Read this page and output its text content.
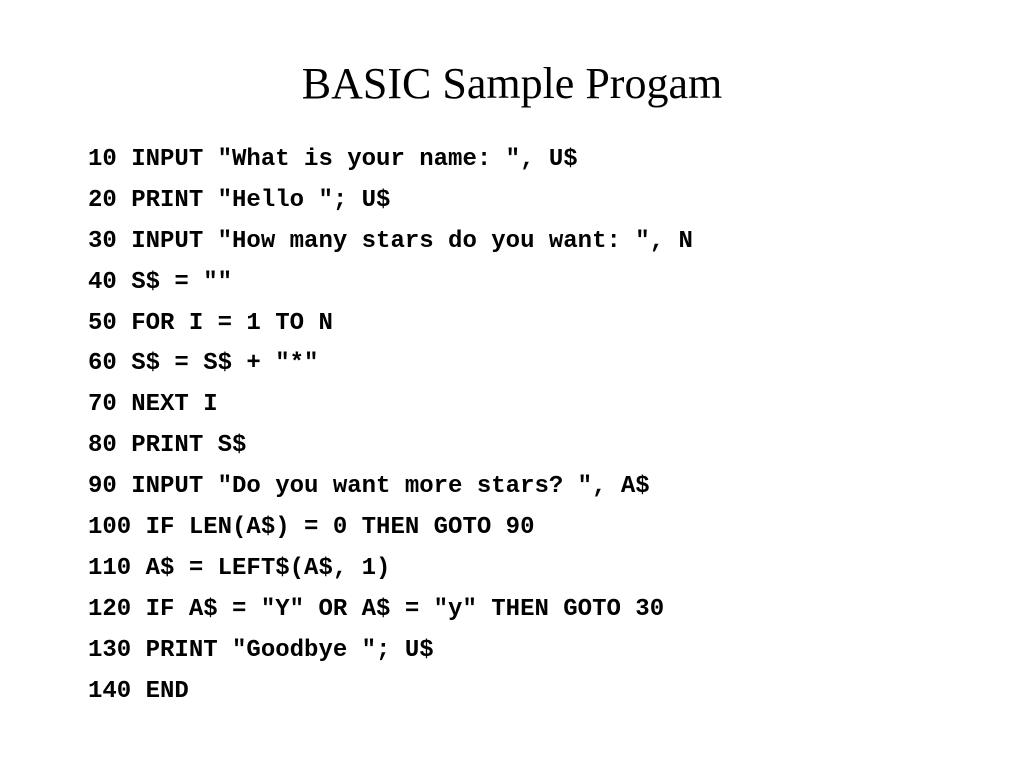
BASIC Sample Progam
10 INPUT "What is your name: ", U$
20 PRINT "Hello "; U$
30 INPUT "How many stars do you want: ", N
40 S$ = ""
50 FOR I = 1 TO N
60 S$ = S$ + "*"
70 NEXT I
80 PRINT S$
90 INPUT "Do you want more stars? ", A$
100 IF LEN(A$) = 0 THEN GOTO 90
110 A$ = LEFT$(A$, 1)
120 IF A$ = "Y" OR A$ = "y" THEN GOTO 30
130 PRINT "Goodbye "; U$
140 END
